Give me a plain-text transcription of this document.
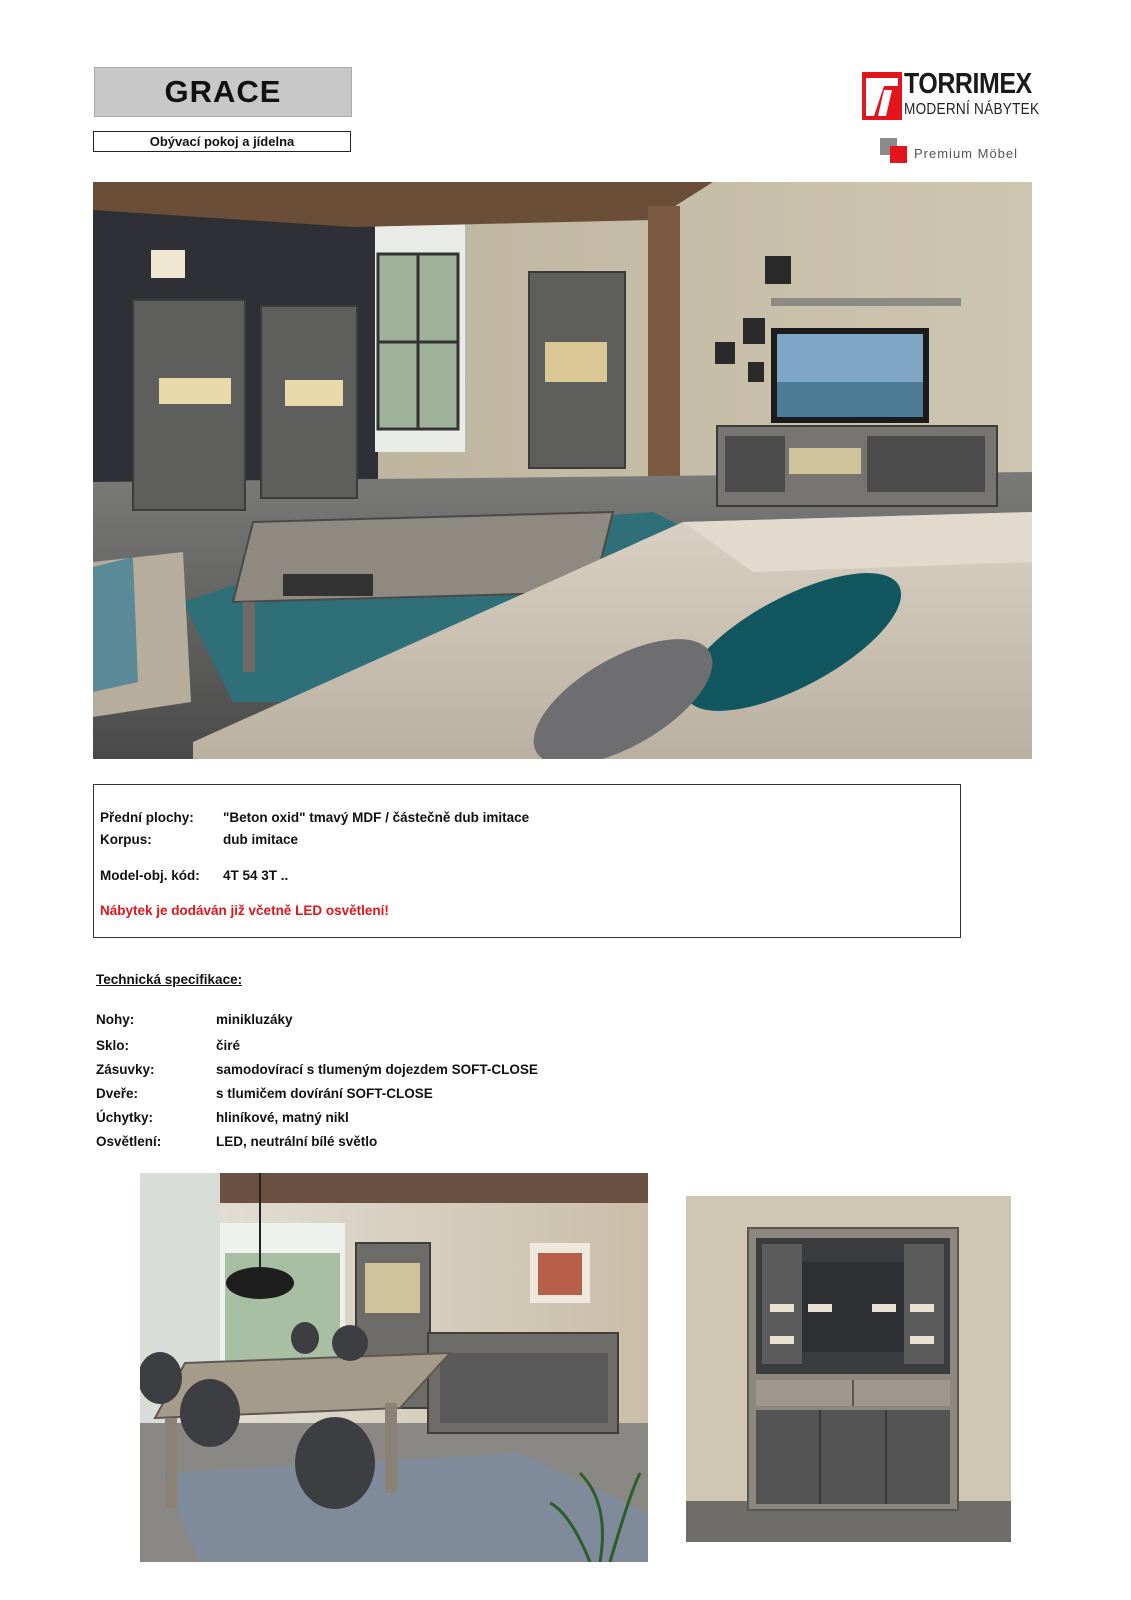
GRACE
Obývací pokoj a jídelna
TORRIMEX
MODERNÍ NÁBYTEK
Premium Möbel
Přední plochy: "Beton oxid" tmavý MDF / částečně dub imitace
Korpus:	dub imitace
Model-obj. kód: 4T 54 3T ..
Nábytek je dodáván již včetně LED osvětlení!
Technická specifikace:
Nohy:	minikluzáky
Sklo:	čiré
Zásuvky:	samodovírací s tlumeným dojezdem SOFT-CLOSE
Dveře:	s tlumičem dovírání SOFT-CLOSE
Úchytky:	hliníkové, matný nikl
Osvětlení:	LED, neutrální bílé světlo
